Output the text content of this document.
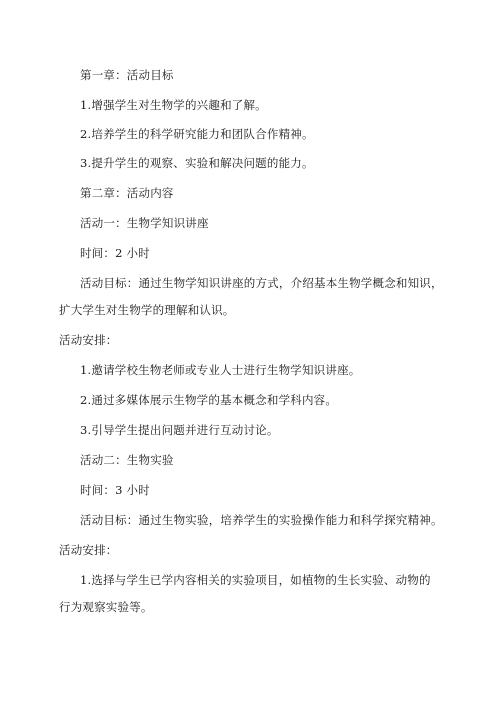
第一章：活动目标
1.增强学生对生物学的兴趣和了解。
2.培养学生的科学研究能力和团队合作精神。
3.提升学生的观察、实验和解决问题的能力。
第二章：活动内容
活动一：生物学知识讲座
时间：2 小时
活动目标：通过生物学知识讲座的方式，介绍基本生物学概念和知识，
扩大学生对生物学的理解和认识。
活动安排：
1.邀请学校生物老师或专业人士进行生物学知识讲座。
2.通过多媒体展示生物学的基本概念和学科内容。
3.引导学生提出问题并进行互动讨论。
活动二：生物实验
时间：3 小时
活动目标：通过生物实验，培养学生的实验操作能力和科学探究精神。
活动安排：
1.选择与学生已学内容相关的实验项目，如植物的生长实验、动物的
行为观察实验等。
